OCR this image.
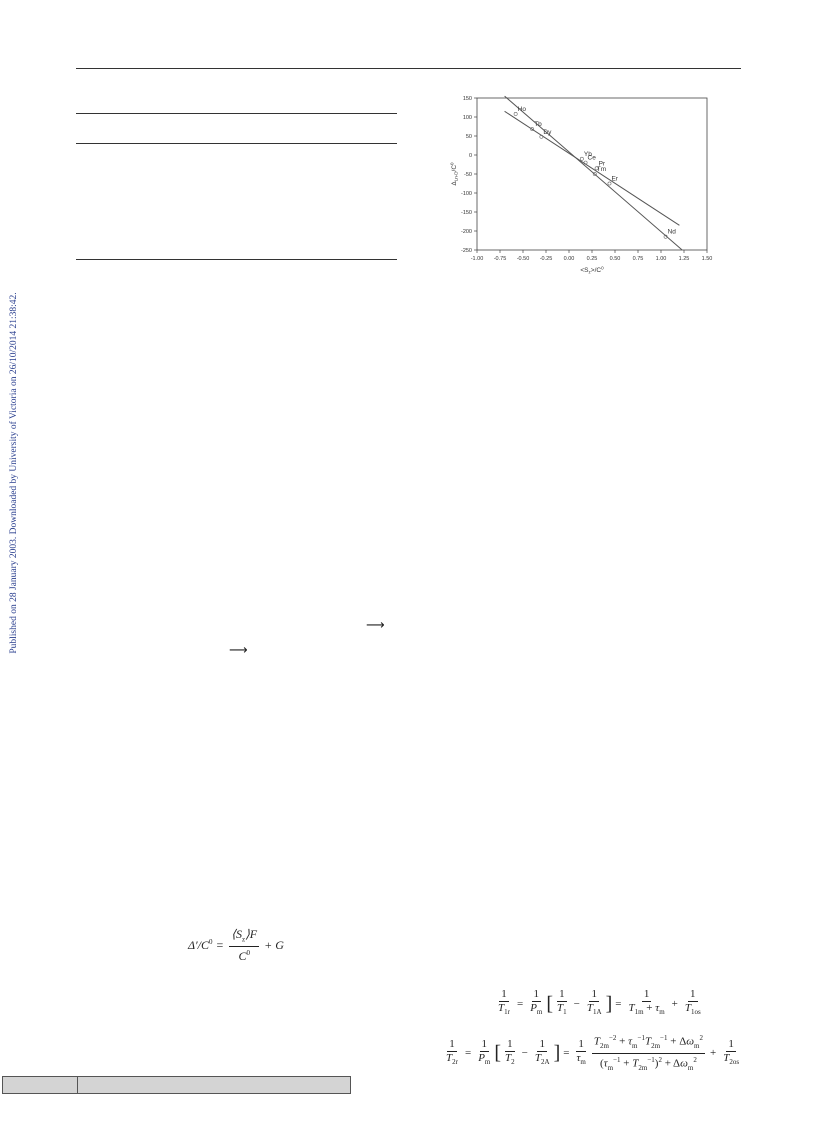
Published on 28 January 2003. Downloaded by University of Victoria on 26/10/2014 21:38:42.	⟶
⟶
-1.00 -0.75 -0.50 -0.25 0.00 0.25 0.50 0.75 1.00 1.25 1.50
150
100
50
0
-50
-100
-150
-200
-250
Ho
Tb
Dy
Yb
Ce
Pr
Tm
Er
Nd
$<S_z>/C^0$
$\Delta_{Ln-D}/C^0$
$\Delta'/C^0 = \frac{⟨S_z⟩F}{C^0} + G$
$\frac{1}{T_{1r}} = \frac{1}{P_m}$ [ $\frac{1}{T_1} - \frac{1}{T_{1A}}$ ] = $\frac{1}{T_{1m} + \tau_m} + \frac{1}{T_{1os}}$
$\frac{1}{T_{2r}} = \frac{1}{P_m}$ [ $\frac{1}{T_2} - \frac{1}{T_{2A}}$ ] = $\frac{1}{\tau_m} \frac{T_{2m}^{-2} + \tau_m^{-1}T_{2m}^{-1} + \Delta\omega_m^2}{(\tau_m^{-1} + T_{2m}^{-1})^2 + \Delta\omega_m^2} + \frac{1}{T_{2os}}$
